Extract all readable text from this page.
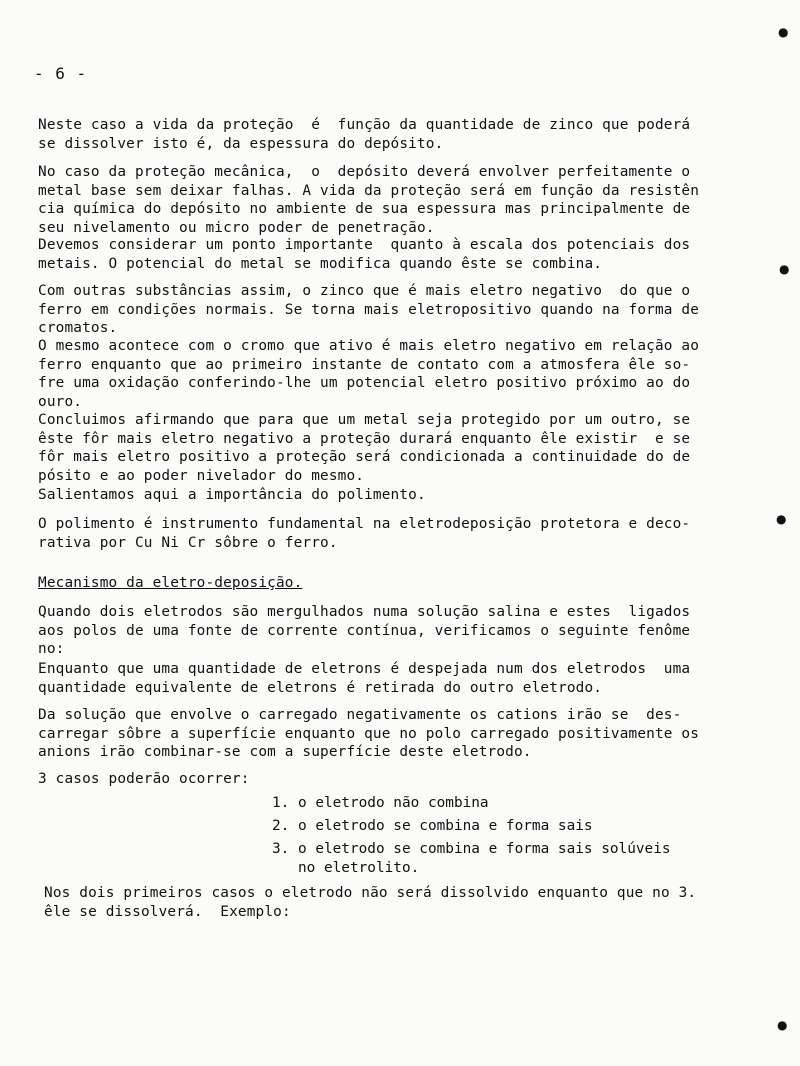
- 6 -
Neste caso a vida da proteção  é  função da quantidade de zinco que poderá
se dissolver isto é, da espessura do depósito.
No caso da proteção mecânica,  o  depósito deverá envolver perfeitamente o
metal base sem deixar falhas. A vida da proteção será em função da resistên
cia química do depósito no ambiente de sua espessura mas principalmente de
seu nivelamento ou micro poder de penetração.
Devemos considerar um ponto importante  quanto à escala dos potenciais dos
metais. O potencial do metal se modifica quando êste se combina.
Com outras substâncias assim, o zinco que é mais eletro negativo  do que o
ferro em condições normais. Se torna mais eletropositivo quando na forma de
cromatos.
O mesmo acontece com o cromo que ativo é mais eletro negativo em relação ao
ferro enquanto que ao primeiro instante de contato com a atmosfera êle so-
fre uma oxidação conferindo-lhe um potencial eletro positivo próximo ao do
ouro.
Concluimos afirmando que para que um metal seja protegido por um outro, se
êste fôr mais eletro negativo a proteção durará enquanto êle existir  e se
fôr mais eletro positivo a proteção será condicionada a continuidade do de
pósito e ao poder nivelador do mesmo.
Salientamos aqui a importância do polimento.
O polimento é instrumento fundamental na eletrodeposição protetora e deco-
rativa por Cu Ni Cr sôbre o ferro.
Mecanismo da eletro-deposição.
Quando dois eletrodos são mergulhados numa solução salina e estes  ligados
aos polos de uma fonte de corrente contínua, verificamos o seguinte fenôme
no:
Enquanto que uma quantidade de eletrons é despejada num dos eletrodos  uma
quantidade equivalente de eletrons é retirada do outro eletrodo.
Da solução que envolve o carregado negativamente os cations irão se  des-
carregar sôbre a superfície enquanto que no polo carregado positivamente os
anions irão combinar-se com a superfície deste eletrodo.
3 casos poderão ocorrer:
1. o eletrodo não combina
2. o eletrodo se combina e forma sais
3. o eletrodo se combina e forma sais solúveis
no eletrolito.
Nos dois primeiros casos o eletrodo não será dissolvido enquanto que no 3.
êle se dissolverá.  Exemplo:
●
●
●
●
